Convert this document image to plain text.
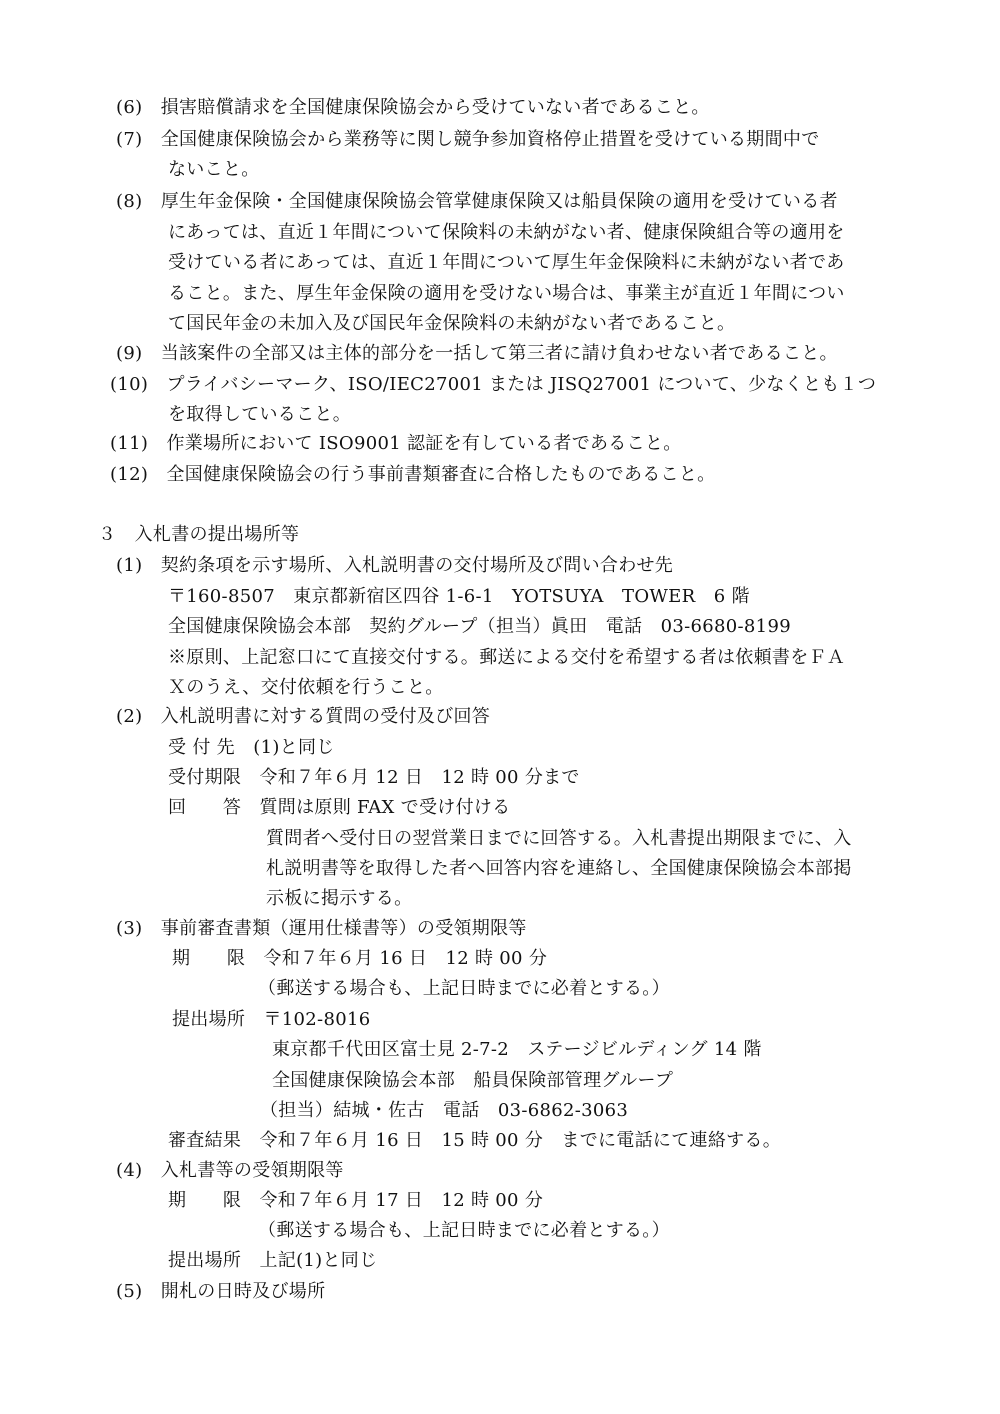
(6)　損害賠償請求を全国健康保険協会から受けていない者であること。
(7)　全国健康保険協会から業務等に関し競争参加資格停止措置を受けている期間中で
ないこと。
(8)　厚生年金保険・全国健康保険協会管掌健康保険又は船員保険の適用を受けている者
にあっては、直近１年間について保険料の未納がない者、健康保険組合等の適用を
受けている者にあっては、直近１年間について厚生年金保険料に未納がない者であ
ること。また、厚生年金保険の適用を受けない場合は、事業主が直近１年間につい
て国民年金の未加入及び国民年金保険料の未納がない者であること。
(9)　当該案件の全部又は主体的部分を一括して第三者に請け負わせない者であること。
(10)　プライバシーマーク、ISO/IEC27001 または JISQ27001 について、少なくとも１つ
を取得していること。
(11)　作業場所において ISO9001 認証を有している者であること。
(12)　全国健康保険協会の行う事前書類審査に合格したものであること。
３　入札書の提出場所等
(1)　契約条項を示す場所、入札説明書の交付場所及び問い合わせ先
〒160-8507　東京都新宿区四谷 1-6-1　YOTSUYA　TOWER　6 階
全国健康保険協会本部　契約グループ（担当）眞田　電話　03-6680-8199
※原則、上記窓口にて直接交付する。郵送による交付を希望する者は依頼書をＦＡ
Ｘのうえ、交付依頼を行うこと。
(2)　入札説明書に対する質問の受付及び回答
受 付 先　(1)と同じ
受付期限　令和７年６月 12 日　12 時 00 分まで
回　　答　質問は原則 FAX で受け付ける
質問者へ受付日の翌営業日までに回答する。入札書提出期限までに、入
札説明書等を取得した者へ回答内容を連絡し、全国健康保険協会本部掲
示板に掲示する。
(3)　事前審査書類（運用仕様書等）の受領期限等
期　　限　令和７年６月 16 日　12 時 00 分
（郵送する場合も、上記日時までに必着とする。）
提出場所　〒102-8016
東京都千代田区富士見 2-7-2　ステージビルディング 14 階
全国健康保険協会本部　船員保険部管理グループ
（担当）結城・佐古　電話　03-6862-3063
審査結果　令和７年６月 16 日　15 時 00 分　までに電話にて連絡する。
(4)　入札書等の受領期限等
期　　限　令和７年６月 17 日　12 時 00 分
（郵送する場合も、上記日時までに必着とする。）
提出場所　上記(1)と同じ
(5)　開札の日時及び場所
